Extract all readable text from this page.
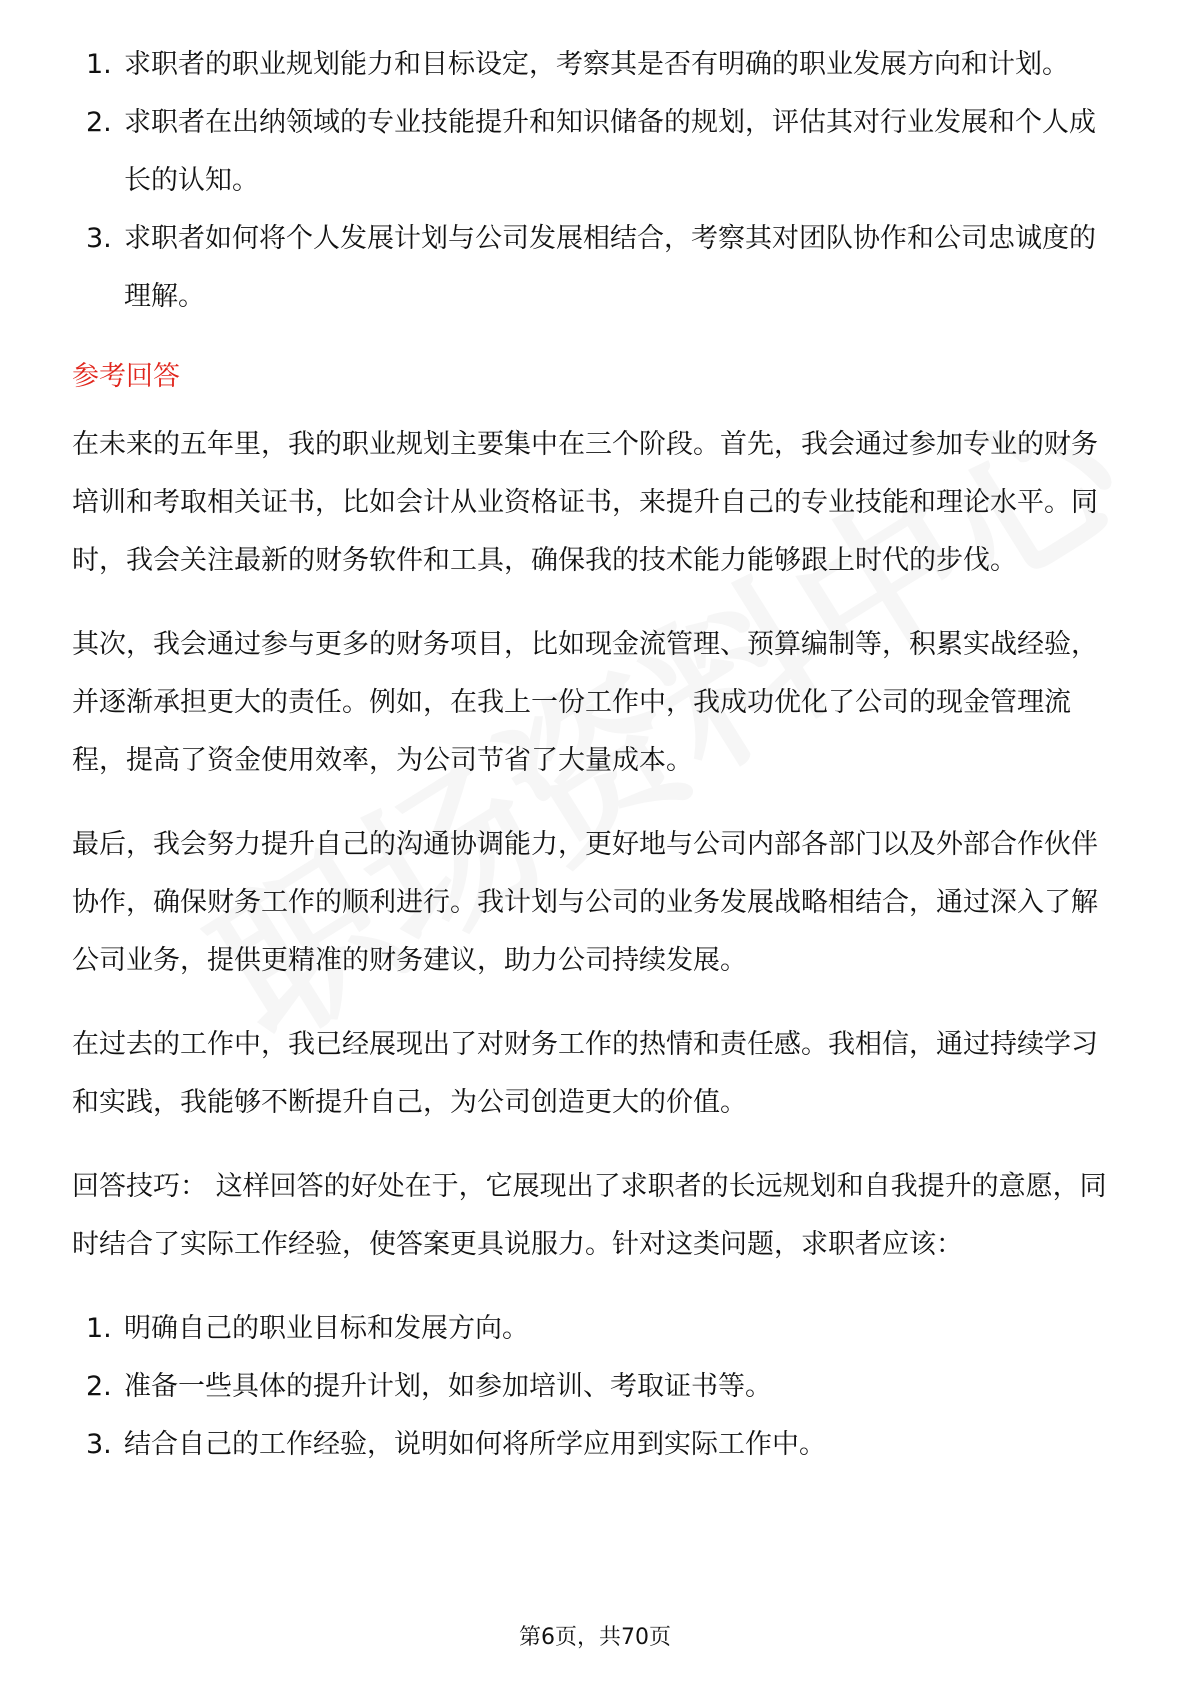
1. 求职者的职业规划能力和目标设定，考察其是否有明确的职业发展方向和计划。
2. 求职者在出纳领域的专业技能提升和知识储备的规划，评估其对行业发展和个人成长的认知。
3. 求职者如何将个人发展计划与公司发展相结合，考察其对团队协作和公司忠诚度的理解。
参考回答

在未来的五年里，我的职业规划主要集中在三个阶段。首先，我会通过参加专业的财务培训和考取相关证书，比如会计从业资格证书，来提升自己的专业技能和理论水平。同时，我会关注最新的财务软件和工具，确保我的技术能力能够跟上时代的步伐。

其次，我会通过参与更多的财务项目，比如现金流管理、预算编制等，积累实战经验，并逐渐承担更大的责任。例如，在我上一份工作中，我成功优化了公司的现金管理流程，提高了资金使用效率，为公司节省了大量成本。

最后，我会努力提升自己的沟通协调能力，更好地与公司内部各部门以及外部合作伙伴协作，确保财务工作的顺利进行。我计划与公司的业务发展战略相结合，通过深入了解公司业务，提供更精准的财务建议，助力公司持续发展。

在过去的工作中，我已经展现出了对财务工作的热情和责任感。我相信，通过持续学习和实践，我能够不断提升自己，为公司创造更大的价值。

回答技巧： 这样回答的好处在于，它展现出了求职者的长远规划和自我提升的意愿，同时结合了实际工作经验，使答案更具说服力。针对这类问题，求职者应该：

1. 明确自己的职业目标和发展方向。
2. 准备一些具体的提升计划，如参加培训、考取证书等。
3. 结合自己的工作经验，说明如何将所学应用到实际工作中。
第6页，共70页
